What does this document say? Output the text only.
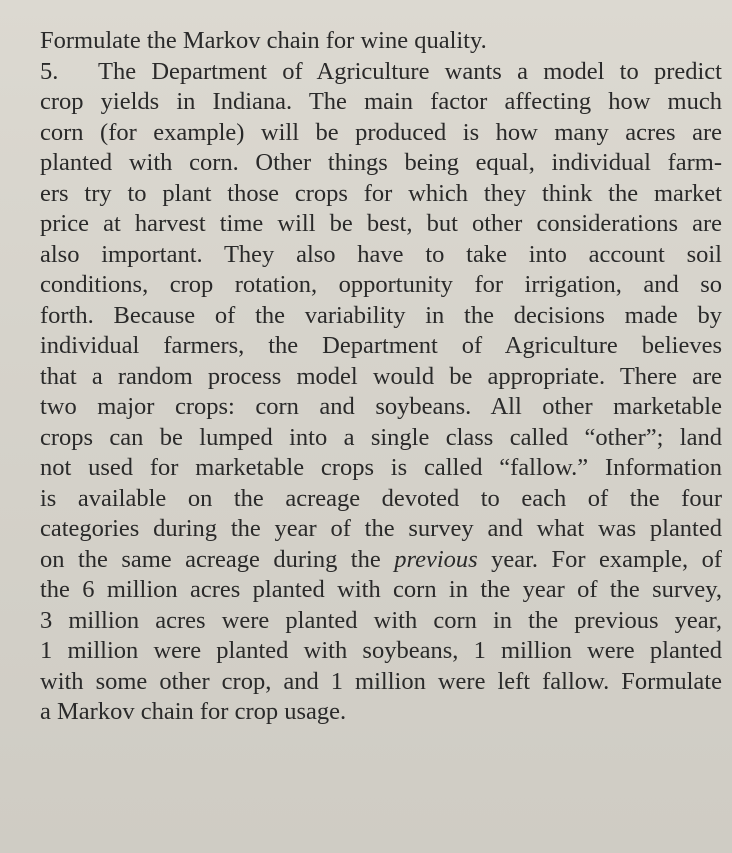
Formulate the Markov chain for wine quality.
5. The Department of Agriculture wants a model to predict
crop yields in Indiana. The main factor affecting how much
corn (for example) will be produced is how many acres are
planted with corn. Other things being equal, individual farm-
ers try to plant those crops for which they think the market
price at harvest time will be best, but other considerations are
also important. They also have to take into account soil
conditions, crop rotation, opportunity for irrigation, and so
forth. Because of the variability in the decisions made by
individual farmers, the Department of Agriculture believes
that a random process model would be appropriate. There are
two major crops: corn and soybeans. All other marketable
crops can be lumped into a single class called “other”; land
not used for marketable crops is called “fallow.” Information
is available on the acreage devoted to each of the four
categories during the year of the survey and what was planted
on the same acreage during the previous year. For example, of
the 6 million acres planted with corn in the year of the survey,
3 million acres were planted with corn in the previous year,
1 million were planted with soybeans, 1 million were planted
with some other crop, and 1 million were left fallow. Formulate
a Markov chain for crop usage.
